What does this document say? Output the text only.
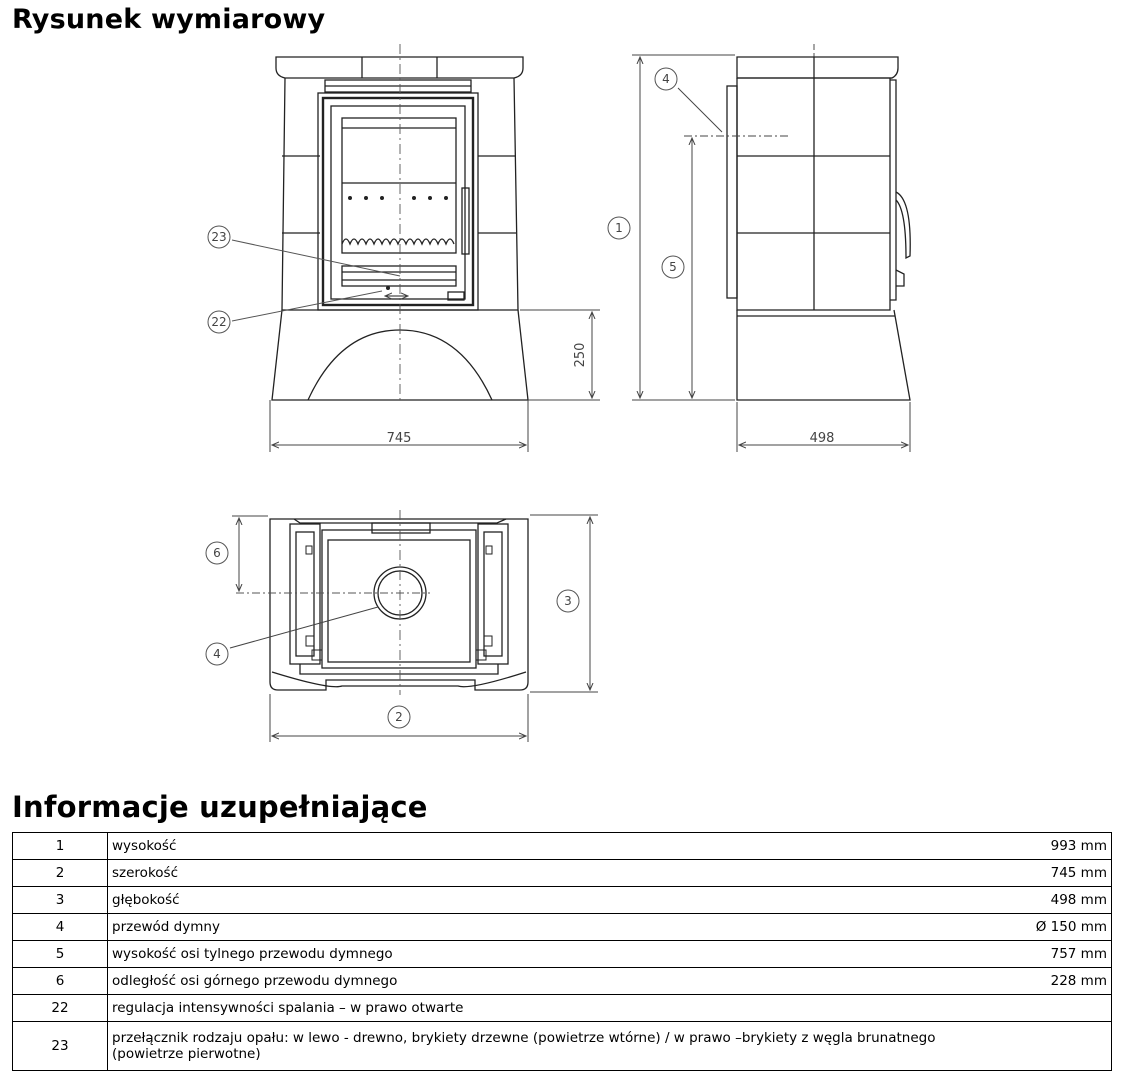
Rysunek wymiarowy
23
22
1
4
5
6
4
3
2
745	498
250
Informacje uzupełniające
1	wysokość	993 mm
2	szerokość	745 mm
3	głębokość	498 mm
4	przewód dymny	Ø 150 mm
5	wysokość osi tylnego przewodu dymnego	757 mm
6	odległość osi górnego przewodu dymnego	228 mm
22	regulacja intensywności spalania – w prawo otwarte	
23	przełącznik rodzaju opału: w lewo - drewno, brykiety drzewne (powietrze wtórne) / w prawo –brykiety z węgla brunatnego
(powietrze pierwotne)	
